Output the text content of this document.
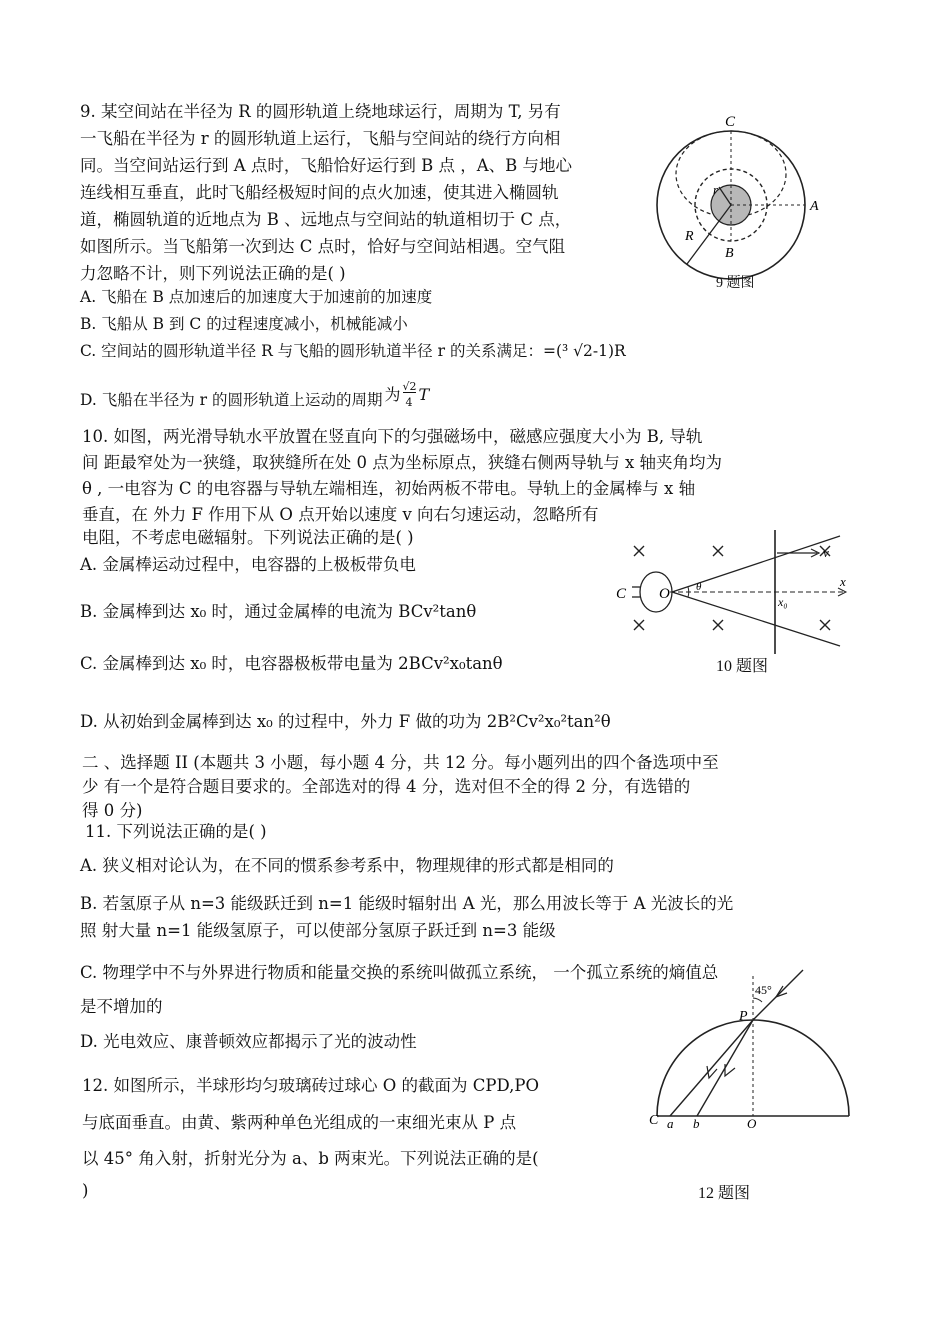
9. 某空间站在半径为 R 的圆形轨道上绕地球运行，周期为 T, 另有
一飞船在半径为 r 的圆形轨道上运行，飞船与空间站的绕行方向相
同。当空间站运行到 A 点时，飞船恰好运行到 B 点 ，A、B 与地心
连线相互垂直，此时飞船经极短时间的点火加速，使其进入椭圆轨
道，椭圆轨道的近地点为 B 、远地点与空间站的轨道相切于 C 点，
如图所示。当飞船第一次到达 C 点时，恰好与空间站相遇。空气阻
力忽略不计，则下列说法正确的是( )
A. 飞船在 B 点加速后的加速度大于加速前的加速度
B. 飞船从 B 到 C 的过程速度减小，机械能减小
C. 空间站的圆形轨道半径 R 与飞船的圆形轨道半径 r 的关系满足：=(³ √2-1)R
D. 飞船在半径为 r 的圆形轨道上运动的周期 为 √2
4 T
C
A
B
r
R
9 题图
10. 如图，两光滑导轨水平放置在竖直向下的匀强磁场中，磁感应强度大小为 B, 导轨
间 距最窄处为一狭缝，取狭缝所在处 0 点为坐标原点，狭缝右侧两导轨与 x 轴夹角均为
θ , 一电容为 C 的电容器与导轨左端相连，初始两板不带电。导轨上的金属棒与 x 轴
垂直，在 外力 F 作用下从 O 点开始以速度 v 向右匀速运动，忽略所有
电阻，不考虑电磁辐射。下列说法正确的是( )
A. 金属棒运动过程中，电容器的上极板带负电
B. 金属棒到达 x₀ 时，通过金属棒的电流为 BCv²tanθ
C. 金属棒到达 x₀ 时，电容器极板带电量为 2BCv²x₀tanθ
D. 从初始到金属棒到达 x₀ 的过程中，外力 F 做的功为 2B²Cv²x₀²tan²θ
C O θ
v
x
x₀
10 题图
二 、选择题 II (本题共 3 小题，每小题 4 分，共 12 分。每小题列出的四个备选项中至
少 有一个是符合题目要求的。全部选对的得 4 分，选对但不全的得 2 分，有选错的
得 0 分)
11. 下列说法正确的是( )
A. 狭义相对论认为，在不同的惯系参考系中，物理规律的形式都是相同的
B. 若氢原子从 n=3 能级跃迁到 n=1 能级时辐射出 A 光，那么用波长等于 A 光波长的光
照 射大量 n=1 能级氢原子，可以使部分氢原子跃迁到 n=3 能级
C. 物理学中不与外界进行物质和能量交换的系统叫做孤立系统， 一个孤立系统的熵值总
是不增加的
D. 光电效应、康普顿效应都揭示了光的波动性
12. 如图所示，半球形均匀玻璃砖过球心 O 的截面为 CPD,PO
与底面垂直。由黄、紫两种单色光组成的一束细光束从 P 点
以 45° 角入射，折射光分为 a、b 两束光。下列说法正确的是(
)
45°
P
a b	O
C
12 题图
